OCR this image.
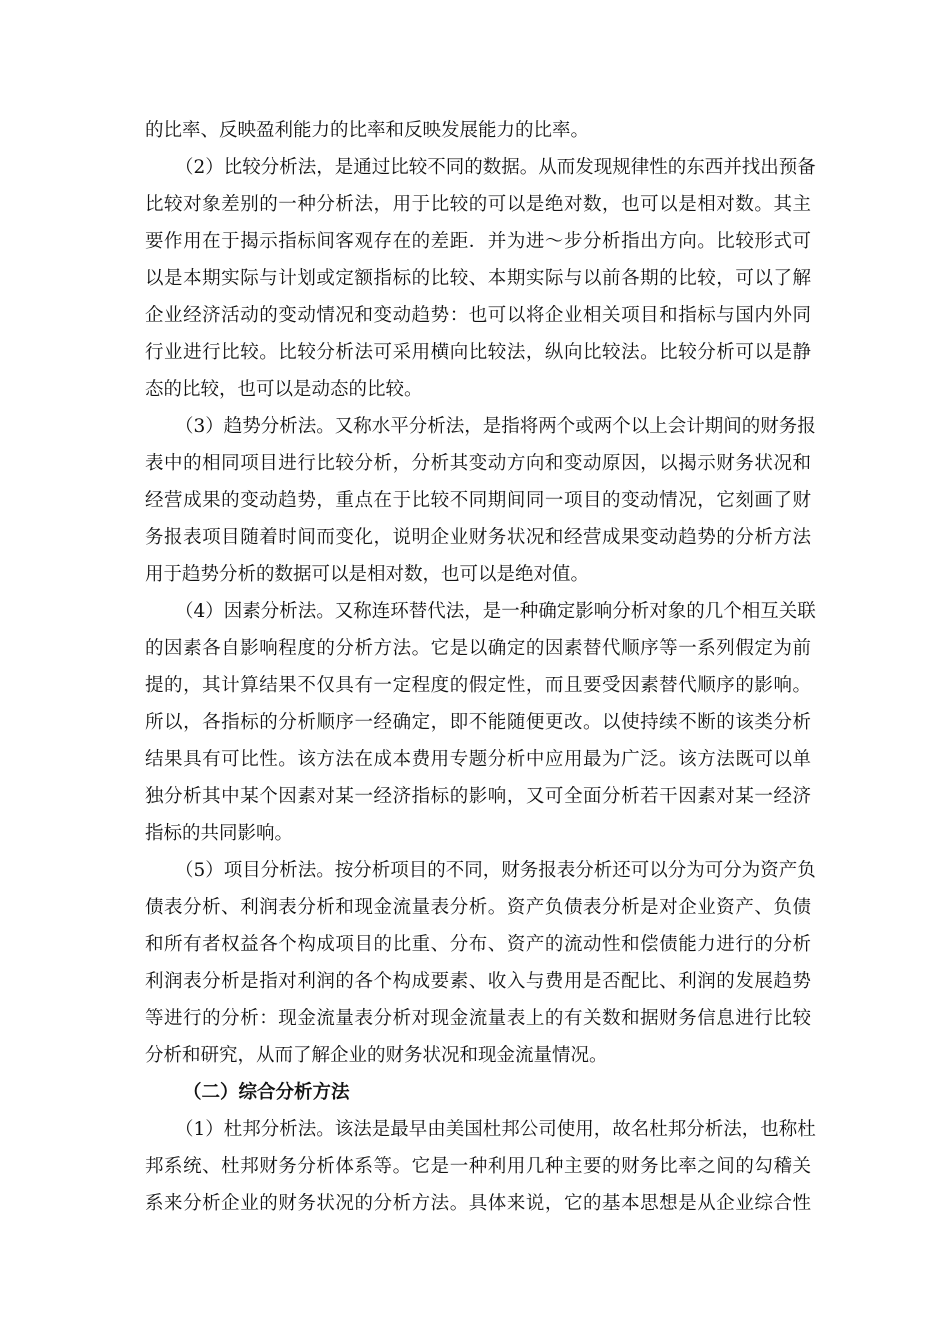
的比率、反映盈利能力的比率和反映发展能力的比率。
（2）比较分析法，是通过比较不同的数据。从而发现规律性的东西并找出预备
比较对象差别的一种分析法，用于比较的可以是绝对数，也可以是相对数。其主
要作用在于揭示指标间客观存在的差距．并为进～步分析指出方向。比较形式可
以是本期实际与计划或定额指标的比较、本期实际与以前各期的比较，可以了解
企业经济活动的变动情况和变动趋势：也可以将企业相关项目和指标与国内外同
行业进行比较。比较分析法可采用横向比较法，纵向比较法。比较分析可以是静
态的比较，也可以是动态的比较。
（3）趋势分析法。又称水平分析法，是指将两个或两个以上会计期间的财务报
表中的相同项目进行比较分析，分析其变动方向和变动原因，以揭示财务状况和
经营成果的变动趋势，重点在于比较不同期间同一项目的变动情况，它刻画了财
务报表项目随着时间而变化，说明企业财务状况和经营成果变动趋势的分析方法
用于趋势分析的数据可以是相对数，也可以是绝对值。
（4）因素分析法。又称连环替代法，是一种确定影响分析对象的几个相互关联
的因素各自影响程度的分析方法。它是以确定的因素替代顺序等一系列假定为前
提的，其计算结果不仅具有一定程度的假定性，而且要受因素替代顺序的影响。
所以，各指标的分析顺序一经确定，即不能随便更改。以使持续不断的该类分析
结果具有可比性。该方法在成本费用专题分析中应用最为广泛。该方法既可以单
独分析其中某个因素对某一经济指标的影响，又可全面分析若干因素对某一经济
指标的共同影响。
（5）项目分析法。按分析项目的不同，财务报表分析还可以分为可分为资产负
债表分析、利润表分析和现金流量表分析。资产负债表分析是对企业资产、负债
和所有者权益各个构成项目的比重、分布、资产的流动性和偿债能力进行的分析
利润表分析是指对利润的各个构成要素、收入与费用是否配比、利润的发展趋势
等进行的分析：现金流量表分析对现金流量表上的有关数和据财务信息进行比较
分析和研究，从而了解企业的财务状况和现金流量情况。
（二）综合分析方法
（1）杜邦分析法。该法是最早由美国杜邦公司使用，故名杜邦分析法，也称杜
邦系统、杜邦财务分析体系等。它是一种利用几种主要的财务比率之间的勾稽关
系来分析企业的财务状况的分析方法。具体来说，它的基本思想是从企业综合性
